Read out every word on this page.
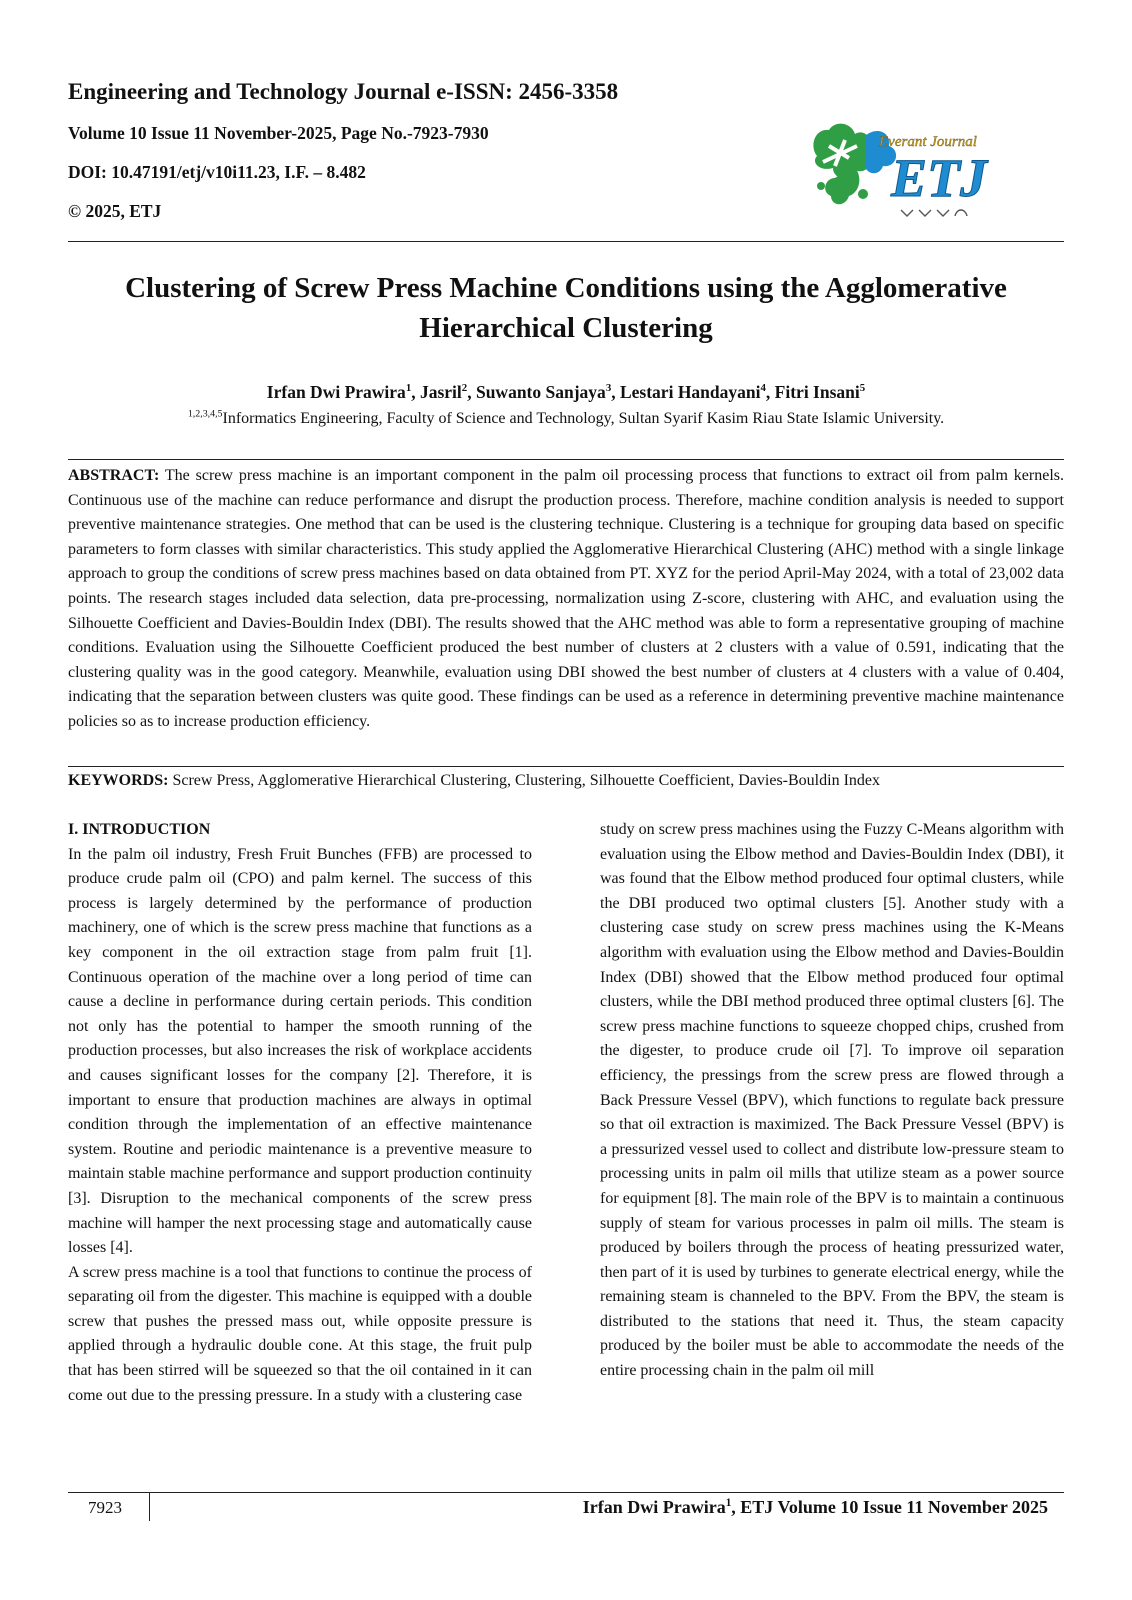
Engineering and Technology Journal e-ISSN: 2456-3358
Volume 10 Issue 11 November-2025, Page No.-7923-7930
DOI: 10.47191/etj/v10i11.23, I.F. – 8.482
© 2025, ETJ
Everant Journal
ETJ
Clustering of Screw Press Machine Conditions using the Agglomerative
Hierarchical Clustering
Irfan Dwi Prawira$^1$, Jasril$^2$, Suwanto Sanjaya$^3$, Lestari Handayani$^4$, Fitri Insani$^5$
$^{1,2,3,4,5}$Informatics Engineering, Faculty of Science and Technology, Sultan Syarif Kasim Riau State Islamic University.

ABSTRACT: The screw press machine is an important component in the palm oil processing process that functions to extract oil from palm kernels. Continuous use of the machine can reduce performance and disrupt the production process. Therefore, machine condition analysis is needed to support preventive maintenance strategies. One method that can be used is the clustering technique. Clustering is a technique for grouping data based on specific parameters to form classes with similar characteristics. This study applied the Agglomerative Hierarchical Clustering (AHC) method with a single linkage approach to group the conditions of screw press machines based on data obtained from PT. XYZ for the period April-May 2024, with a total of 23,002 data points. The research stages included data selection, data pre-processing, normalization using Z-score, clustering with AHC, and evaluation using the Silhouette Coefficient and Davies-Bouldin Index (DBI). The results showed that the AHC method was able to form a representative grouping of machine conditions. Evaluation using the Silhouette Coefficient produced the best number of clusters at 2 clusters with a value of 0.591, indicating that the clustering quality was in the good category. Meanwhile, evaluation using DBI showed the best number of clusters at 4 clusters with a value of 0.404, indicating that the separation between clusters was quite good. These findings can be used as a reference in determining preventive machine maintenance policies so as to increase production efficiency.

KEYWORDS: Screw Press, Agglomerative Hierarchical Clustering, Clustering, Silhouette Coefficient, Davies-Bouldin Index

I. INTRODUCTION

In the palm oil industry, Fresh Fruit Bunches (FFB) are processed to produce crude palm oil (CPO) and palm kernel. The success of this process is largely determined by the performance of production machinery, one of which is the screw press machine that functions as a key component in the oil extraction stage from palm fruit [1]. Continuous operation of the machine over a long period of time can cause a decline in performance during certain periods. This condition not only has the potential to hamper the smooth running of the production processes, but also increases the risk of workplace accidents and causes significant losses for the company [2]. Therefore, it is important to ensure that production machines are always in optimal condition through the implementation of an effective maintenance system. Routine and periodic maintenance is a preventive measure to maintain stable machine performance and support production continuity [3]. Disruption to the mechanical components of the screw press machine will hamper the next processing stage and automatically cause losses [4].

A screw press machine is a tool that functions to continue the process of separating oil from the digester. This machine is equipped with a double screw that pushes the pressed mass out, while opposite pressure is applied through a hydraulic double cone. At this stage, the fruit pulp that has been stirred will be squeezed so that the oil contained in it can come out due to the pressing pressure. In a study with a clustering case

study on screw press machines using the Fuzzy C-Means algorithm with evaluation using the Elbow method and Davies-Bouldin Index (DBI), it was found that the Elbow method produced four optimal clusters, while the DBI produced two optimal clusters [5]. Another study with a clustering case study on screw press machines using the K-Means algorithm with evaluation using the Elbow method and Davies-Bouldin Index (DBI) showed that the Elbow method produced four optimal clusters, while the DBI method produced three optimal clusters [6]. The screw press machine functions to squeeze chopped chips, crushed from the digester, to produce crude oil [7]. To improve oil separation efficiency, the pressings from the screw press are flowed through a Back Pressure Vessel (BPV), which functions to regulate back pressure so that oil extraction is maximized. The Back Pressure Vessel (BPV) is a pressurized vessel used to collect and distribute low-pressure steam to processing units in palm oil mills that utilize steam as a power source for equipment [8]. The main role of the BPV is to maintain a continuous supply of steam for various processes in palm oil mills. The steam is produced by boilers through the process of heating pressurized water, then part of it is used by turbines to generate electrical energy, while the remaining steam is channeled to the BPV. From the BPV, the steam is distributed to the stations that need it. Thus, the steam capacity produced by the boiler must be able to accommodate the needs of the entire processing chain in the palm oil mill

7923	Irfan Dwi Prawira$^1$, ETJ Volume 10 Issue 11 November 2025
